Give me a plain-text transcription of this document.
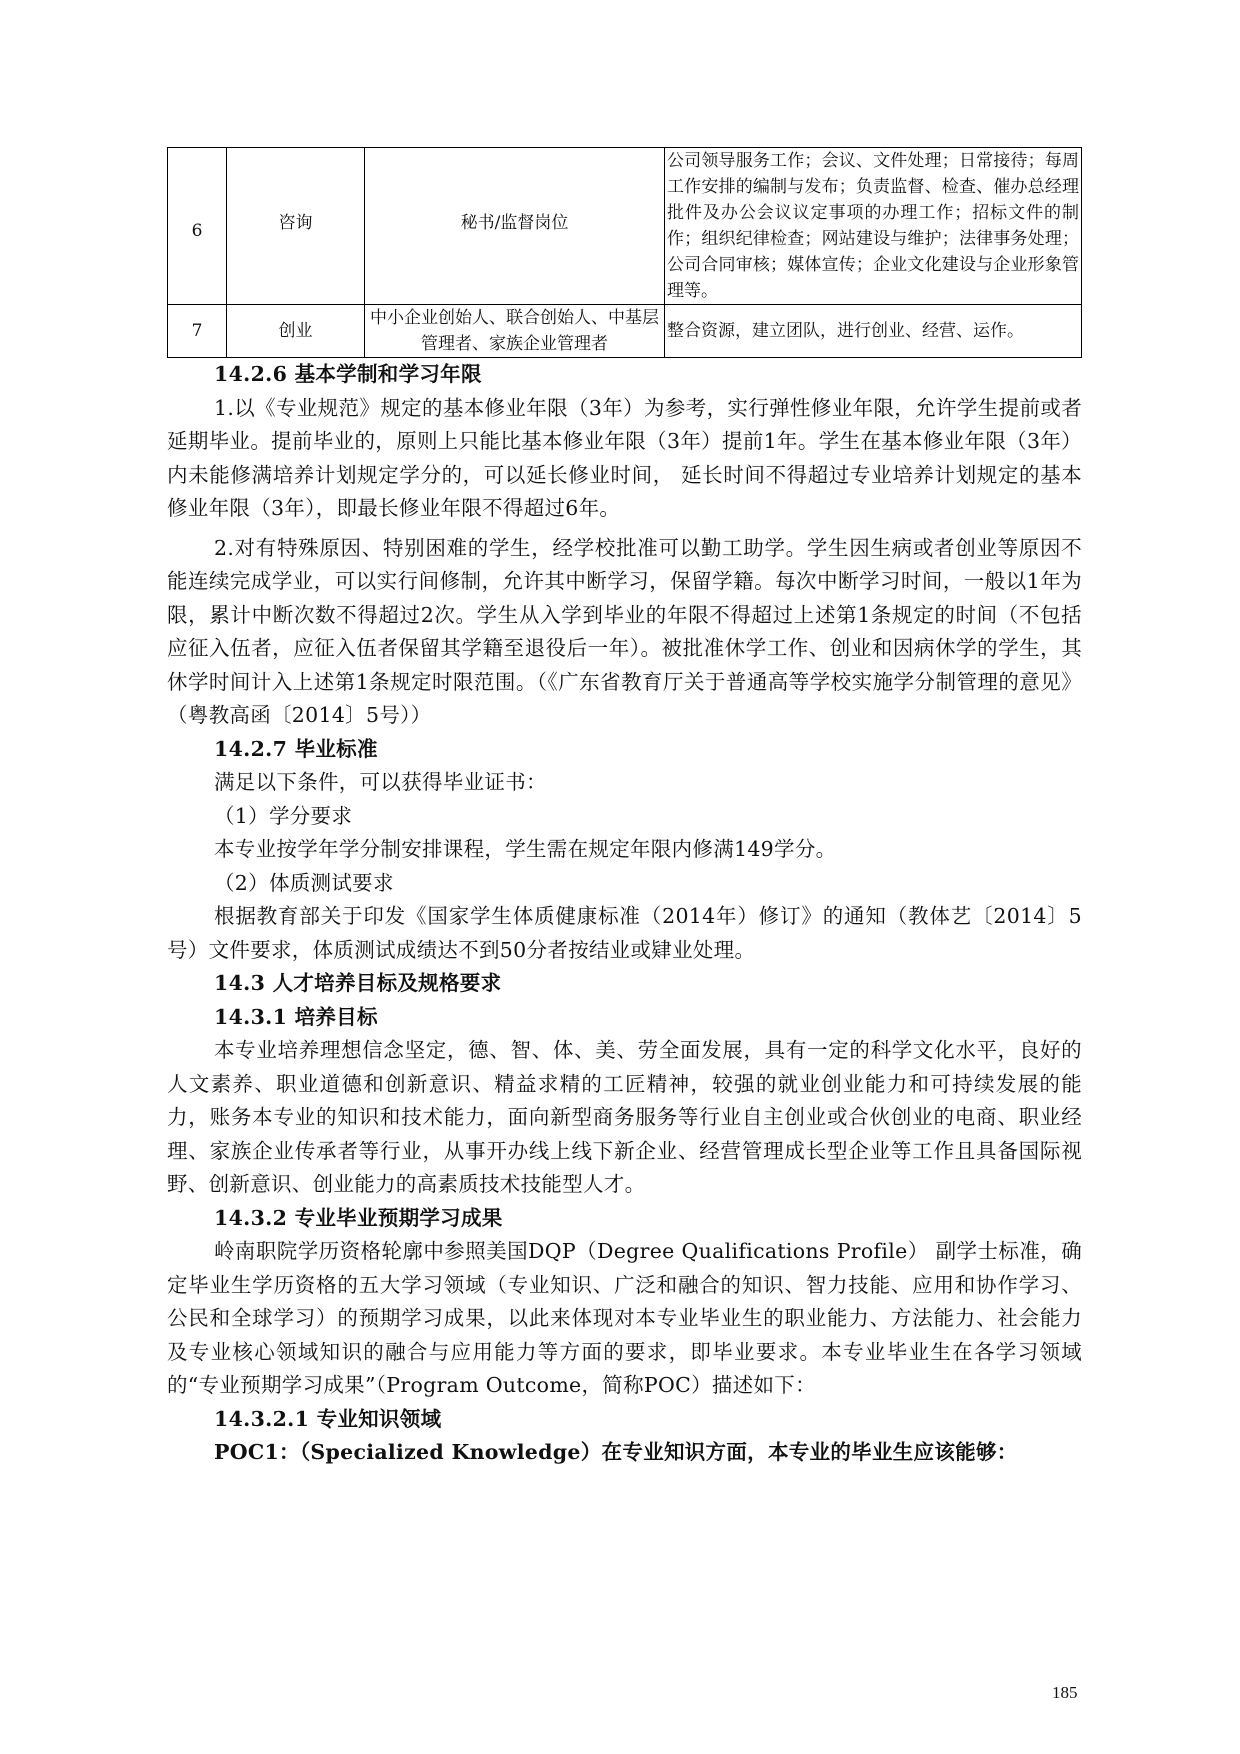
6	咨询	秘书/监督岗位	公司领导服务工作；会议、文件处理；日常接待；每周工作安排的编制与发布；负责监督、检查、催办总经理批件及办公会议议定事项的办理工作；招标文件的制作；组织纪律检查；网站建设与维护；法律事务处理；公司合同审核；媒体宣传；企业文化建设与企业形象管理等。
7	创业	中小企业创始人、联合创始人、中基层管理者、家族企业管理者	整合资源，建立团队，进行创业、经营、运作。

14.2.6 基本学制和学习年限

1.以《专业规范》规定的基本修业年限（3年）为参考，实行弹性修业年限，允许学生提前或者延期毕业。提前毕业的，原则上只能比基本修业年限（3年）提前1年。学生在基本修业年限（3年）内未能修满培养计划规定学分的，可以延长修业时间， 延长时间不得超过专业培养计划规定的基本修业年限（3年），即最长修业年限不得超过6年。

2.对有特殊原因、特别困难的学生，经学校批准可以勤工助学。学生因生病或者创业等原因不能连续完成学业，可以实行间修制，允许其中断学习，保留学籍。每次中断学习时间，一般以1年为限，累计中断次数不得超过2次。学生从入学到毕业的年限不得超过上述第1条规定的时间（不包括应征入伍者，应征入伍者保留其学籍至退役后一年）。被批准休学工作、创业和因病休学的学生，其休学时间计入上述第1条规定时限范围。（《广东省教育厅关于普通高等学校实施学分制管理的意见》（粤教高函〔2014〕5号））

14.2.7 毕业标准

满足以下条件，可以获得毕业证书：

（1）学分要求

本专业按学年学分制安排课程，学生需在规定年限内修满149学分。

（2）体质测试要求

根据教育部关于印发《国家学生体质健康标准（2014年）修订》的通知（教体艺〔2014〕5号）文件要求，体质测试成绩达不到50分者按结业或肄业处理。

14.3 人才培养目标及规格要求

14.3.1 培养目标

本专业培养理想信念坚定，德、智、体、美、劳全面发展，具有一定的科学文化水平，良好的人文素养、职业道德和创新意识、精益求精的工匠精神，较强的就业创业能力和可持续发展的能力，账务本专业的知识和技术能力，面向新型商务服务等行业自主创业或合伙创业的电商、职业经理、家族企业传承者等行业，从事开办线上线下新企业、经营管理成长型企业等工作且具备国际视野、创新意识、创业能力的高素质技术技能型人才。

14.3.2 专业毕业预期学习成果

岭南职院学历资格轮廓中参照美国DQP（Degree Qualifications Profile） 副学士标准，确定毕业生学历资格的五大学习领域（专业知识、广泛和融合的知识、智力技能、应用和协作学习、公民和全球学习）的预期学习成果，以此来体现对本专业毕业生的职业能力、方法能力、社会能力及专业核心领域知识的融合与应用能力等方面的要求，即毕业要求。本专业毕业生在各学习领域的“专业预期学习成果”（Program Outcome，简称POC）描述如下：

14.3.2.1 专业知识领域

POC1：（Specialized Knowledge）在专业知识方面，本专业的毕业生应该能够：

185
